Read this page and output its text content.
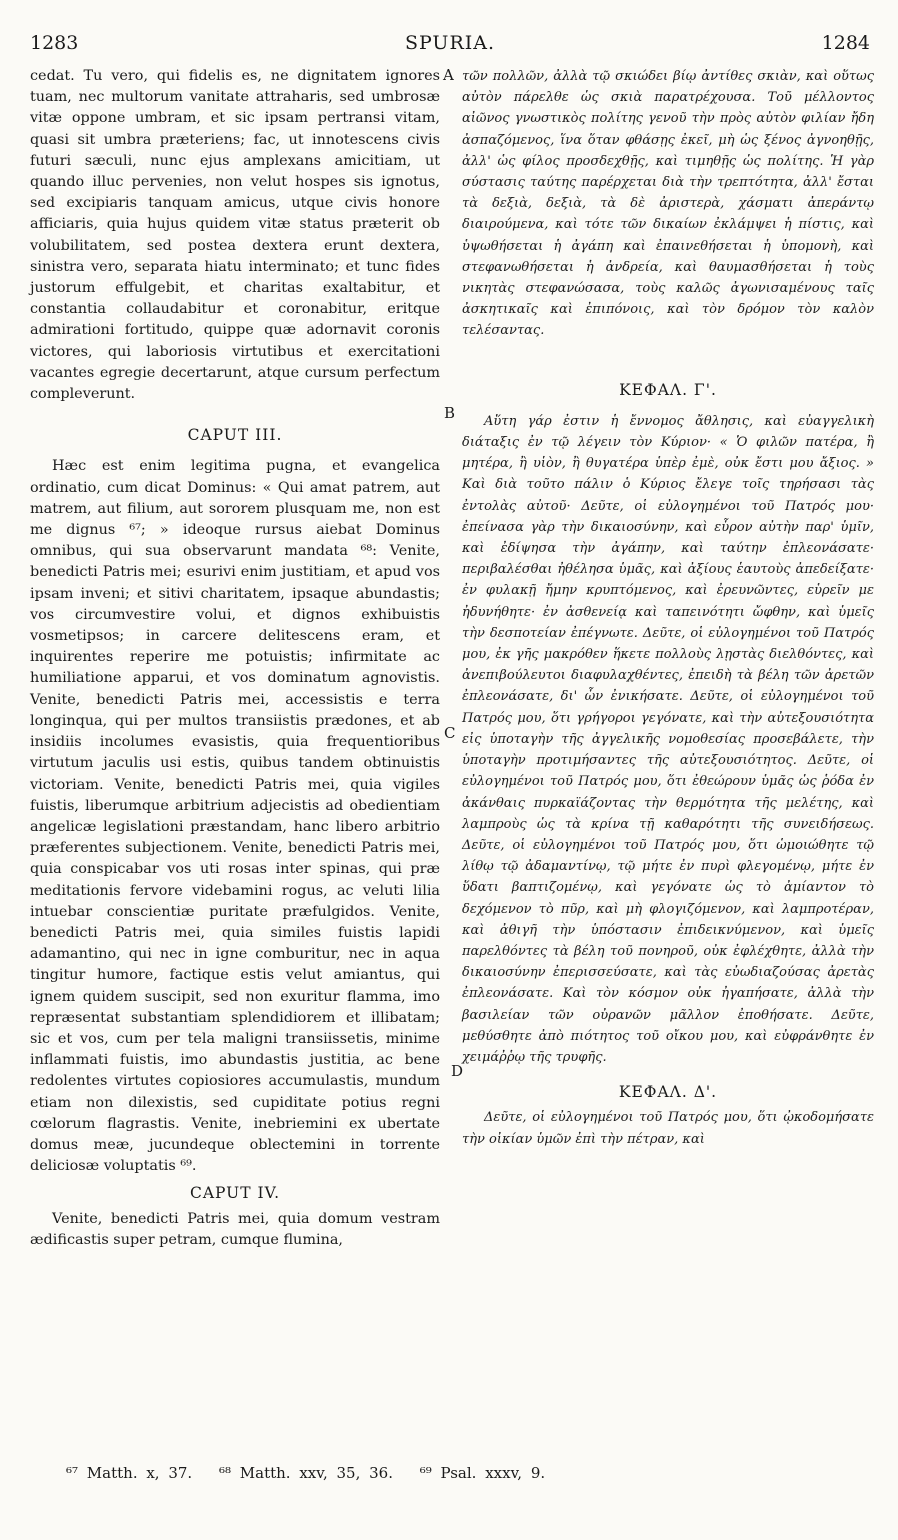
1283	SPURIA.	1284
A
B
C
D

cedat. Tu vero, qui fidelis es, ne dignitatem ignores tuam, nec multorum vanitate attraharis, sed umbrosæ vitæ oppone umbram, et sic ipsam pertransi vitam, quasi sit umbra præteriens; fac, ut innotescens civis futuri sæculi, nunc ejus amplexans amicitiam, ut quando illuc pervenies, non velut hospes sis ignotus, sed excipiaris tanquam amicus, utque civis honore afficiaris, quia hujus quidem vitæ status præterit ob volubilitatem, sed postea dextera erunt dextera, sinistra vero, separata hiatu interminato; et tunc fides justorum effulgebit, et charitas exaltabitur, et constantia collaudabitur et coronabitur, eritque admirationi fortitudo, quippe quæ adornavit coronis victores, qui laboriosis virtutibus et exercitationi vacantes egregie decertarunt, atque cursum perfectum compleverunt.

CAPUT III.

Hæc est enim legitima pugna, et evangelica ordinatio, cum dicat Dominus: « Qui amat patrem, aut matrem, aut filium, aut sororem plusquam me, non est me dignus ⁶⁷; » ideoque rursus aiebat Dominus omnibus, qui sua observarunt mandata ⁶⁸: Venite, benedicti Patris mei; esurivi enim justitiam, et apud vos ipsam inveni; et sitivi charitatem, ipsaque abundastis; vos circumvestire volui, et dignos exhibuistis vosmetipsos; in carcere delitescens eram, et inquirentes reperire me potuistis; infirmitate ac humiliatione apparui, et vos dominatum agnovistis. Venite, benedicti Patris mei, accessistis e terra longinqua, qui per multos transiistis prædones, et ab insidiis incolumes evasistis, quia frequentioribus virtutum jaculis usi estis, quibus tandem obtinuistis victoriam. Venite, benedicti Patris mei, quia vigiles fuistis, liberumque arbitrium adjecistis ad obedientiam angelicæ legislationi præstandam, hanc libero arbitrio præferentes subjectionem. Venite, benedicti Patris mei, quia conspicabar vos uti rosas inter spinas, qui præ meditationis fervore videbamini rogus, ac veluti lilia intuebar conscientiæ puritate præfulgidos. Venite, benedicti Patris mei, quia similes fuistis lapidi adamantino, qui nec in igne comburitur, nec in aqua tingitur humore, factique estis velut amiantus, qui ignem quidem suscipit, sed non exuritur flamma, imo repræsentat substantiam splendidiorem et illibatam; sic et vos, cum per tela maligni transiissetis, minime inflammati fuistis, imo abundastis justitia, ac bene redolentes virtutes copiosiores accumulastis, mundum etiam non dilexistis, sed cupiditate potius regni cœlorum flagrastis. Venite, inebriemini ex ubertate domus meæ, jucundeque oblectemini in torrente deliciosæ voluptatis ⁶⁹.

CAPUT IV.

Venite, benedicti Patris mei, quia domum vestram ædificastis super petram, cumque flumina,

τῶν πολλῶν, ἀλλὰ τῷ σκιώδει βίῳ ἀντίθες σκιὰν, καὶ οὕτως αὐτὸν πάρελθε ὡς σκιὰ παρατρέχουσα. Τοῦ μέλλοντος αἰῶνος γνωστικὸς πολίτης γενοῦ τὴν πρὸς αὐτὸν φιλίαν ἤδη ἀσπαζόμενος, ἵνα ὅταν φθάσῃς ἐκεῖ, μὴ ὡς ξένος ἀγνοηθῇς, ἀλλ' ὡς φίλος προσδεχθῇς, καὶ τιμηθῇς ὡς πολίτης. Ἡ γὰρ σύστασις ταύτης παρέρχεται διὰ τὴν τρεπτότητα, ἀλλ' ἔσται τὰ δεξιὰ, δεξιὰ, τὰ δὲ ἀριστερὰ, χάσματι ἀπεράντῳ διαιρούμενα, καὶ τότε τῶν δικαίων ἐκλάμψει ἡ πίστις, καὶ ὑψωθήσεται ἡ ἀγάπη καὶ ἐπαινεθήσεται ἡ ὑπομονὴ, καὶ στεφανωθήσεται ἡ ἀνδρεία, καὶ θαυμασθήσεται ἡ τοὺς νικητὰς στεφανώσασα, τοὺς καλῶς ἀγωνισαμένους ταῖς ἀσκητικαῖς καὶ ἐπιπόνοις, καὶ τὸν δρόμον τὸν καλὸν τελέσαντας.

ΚΕΦΑΛ. Γ'.

Αὕτη γάρ ἐστιν ἡ ἔννομος ἄθλησις, καὶ εὐαγγελικὴ διάταξις ἐν τῷ λέγειν τὸν Κύριον· « Ὁ φιλῶν πατέρα, ἢ μητέρα, ἢ υἱὸν, ἢ θυγατέρα ὑπὲρ ἐμὲ, οὐκ ἔστι μου ἄξιος. » Καὶ διὰ τοῦτο πάλιν ὁ Κύριος ἔλεγε τοῖς τηρήσασι τὰς ἐντολὰς αὐτοῦ· Δεῦτε, οἱ εὐλογημένοι τοῦ Πατρός μου· ἐπείνασα γὰρ τὴν δικαιοσύνην, καὶ εὗρον αὐτὴν παρ' ὑμῖν, καὶ ἐδίψησα τὴν ἀγάπην, καὶ ταύτην ἐπλεονάσατε· περιβαλέσθαι ἠθέλησα ὑμᾶς, καὶ ἀξίους ἑαυτοὺς ἀπεδείξατε· ἐν φυλακῇ ἤμην κρυπτόμενος, καὶ ἐρευνῶντες, εὑρεῖν με ἠδυνήθητε· ἐν ἀσθενείᾳ καὶ ταπεινότητι ὤφθην, καὶ ὑμεῖς τὴν δεσποτείαν ἐπέγνωτε. Δεῦτε, οἱ εὐλογημένοι τοῦ Πατρός μου, ἐκ γῆς μακρόθεν ἥκετε πολλοὺς λῃστὰς διελθόντες, καὶ ἀνεπιβούλευτοι διαφυλαχθέντες, ἐπειδὴ τὰ βέλη τῶν ἀρετῶν ἐπλεονάσατε, δι' ὧν ἐνικήσατε. Δεῦτε, οἱ εὐλογημένοι τοῦ Πατρός μου, ὅτι γρήγοροι γεγόνατε, καὶ τὴν αὐτεξουσιότητα εἰς ὑποταγὴν τῆς ἀγγελικῆς νομοθεσίας προσεβάλετε, τὴν ὑποταγὴν προτιμήσαντες τῆς αὐτεξουσιότητος. Δεῦτε, οἱ εὐλογημένοι τοῦ Πατρός μου, ὅτι ἐθεώρουν ὑμᾶς ὡς ῥόδα ἐν ἀκάνθαις πυρκαϊάζοντας τὴν θερμότητα τῆς μελέτης, καὶ λαμπροὺς ὡς τὰ κρίνα τῇ καθαρότητι τῆς συνειδήσεως. Δεῦτε, οἱ εὐλογημένοι τοῦ Πατρός μου, ὅτι ὡμοιώθητε τῷ λίθῳ τῷ ἀδαμαντίνῳ, τῷ μήτε ἐν πυρὶ φλεγομένῳ, μήτε ἐν ὕδατι βαπτιζομένῳ, καὶ γεγόνατε ὡς τὸ ἀμίαντον τὸ δεχόμενον τὸ πῦρ, καὶ μὴ φλογιζόμενον, καὶ λαμπροτέραν, καὶ ἀθιγῆ τὴν ὑπόστασιν ἐπιδεικνύμενον, καὶ ὑμεῖς παρελθόντες τὰ βέλη τοῦ πονηροῦ, οὐκ ἐφλέχθητε, ἀλλὰ τὴν δικαιοσύνην ἐπερισσεύσατε, καὶ τὰς εὐωδιαζούσας ἀρετὰς ἐπλεονάσατε. Καὶ τὸν κόσμον οὐκ ἠγαπήσατε, ἀλλὰ τὴν βασιλείαν τῶν οὐρανῶν μᾶλλον ἐποθήσατε. Δεῦτε, μεθύσθητε ἀπὸ πιότητος τοῦ οἴκου μου, καὶ εὐφράνθητε ἐν χειμάῤῥῳ τῆς τρυφῆς.

ΚΕΦΑΛ. Δ'.

Δεῦτε, οἱ εὐλογημένοι τοῦ Πατρός μου, ὅτι ᾠκοδομήσατε τὴν οἰκίαν ὑμῶν ἐπὶ τὴν πέτραν, καὶ

⁶⁷ Matth. x, 37. ⁶⁸ Matth. xxv, 35, 36. ⁶⁹ Psal. xxxv, 9.
